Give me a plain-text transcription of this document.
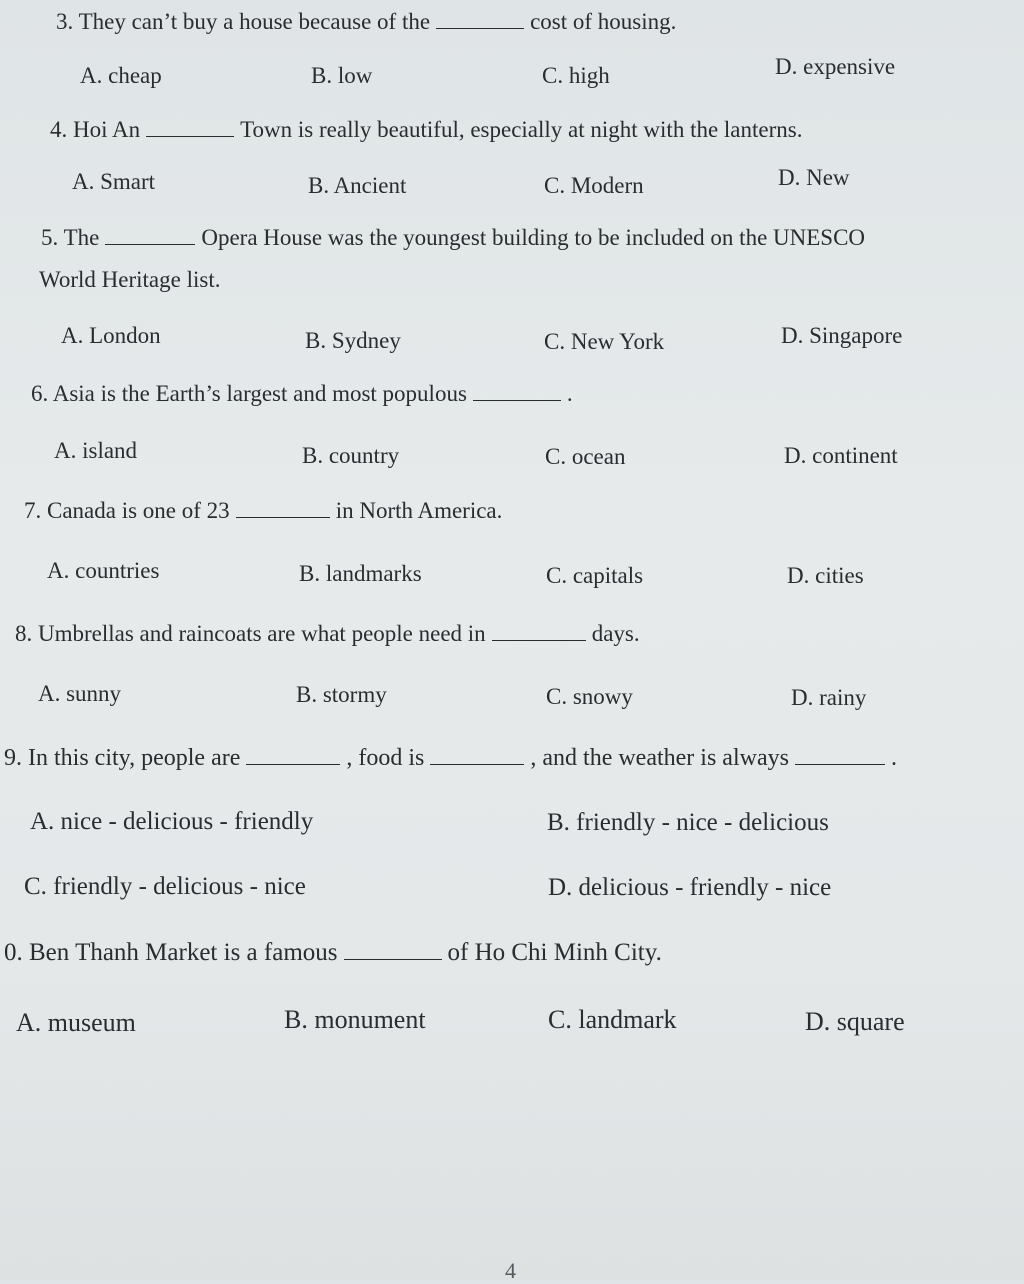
3. They can’t buy a house because of the	cost of housing.
A. cheap	B. low	C. high	D. expensive
4. Hoi An	Town is really beautiful, especially at night with the lanterns.
A. Smart	B. Ancient	C. Modern	D. New
5. The	Opera House was the youngest building to be included on the UNESCO
World Heritage list.
A. London	B. Sydney	C. New York	D. Singapore
6. Asia is the Earth’s largest and most populous	.
A. island	B. country	C. ocean	D. continent
7. Canada is one of 23	in North America.
A. countries	B. landmarks	C. capitals	D. cities
8. Umbrellas and raincoats are what people need in	days.
A. sunny	B. stormy	C. snowy	D. rainy
9. In this city, people are	, food is	, and the weather is always	.
A. nice - delicious - friendly	B. friendly - nice - delicious
C. friendly - delicious - nice	D. delicious - friendly - nice
0. Ben Thanh Market is a famous	of Ho Chi Minh City.
A. museum	B. monument	C. landmark	D. square
4
